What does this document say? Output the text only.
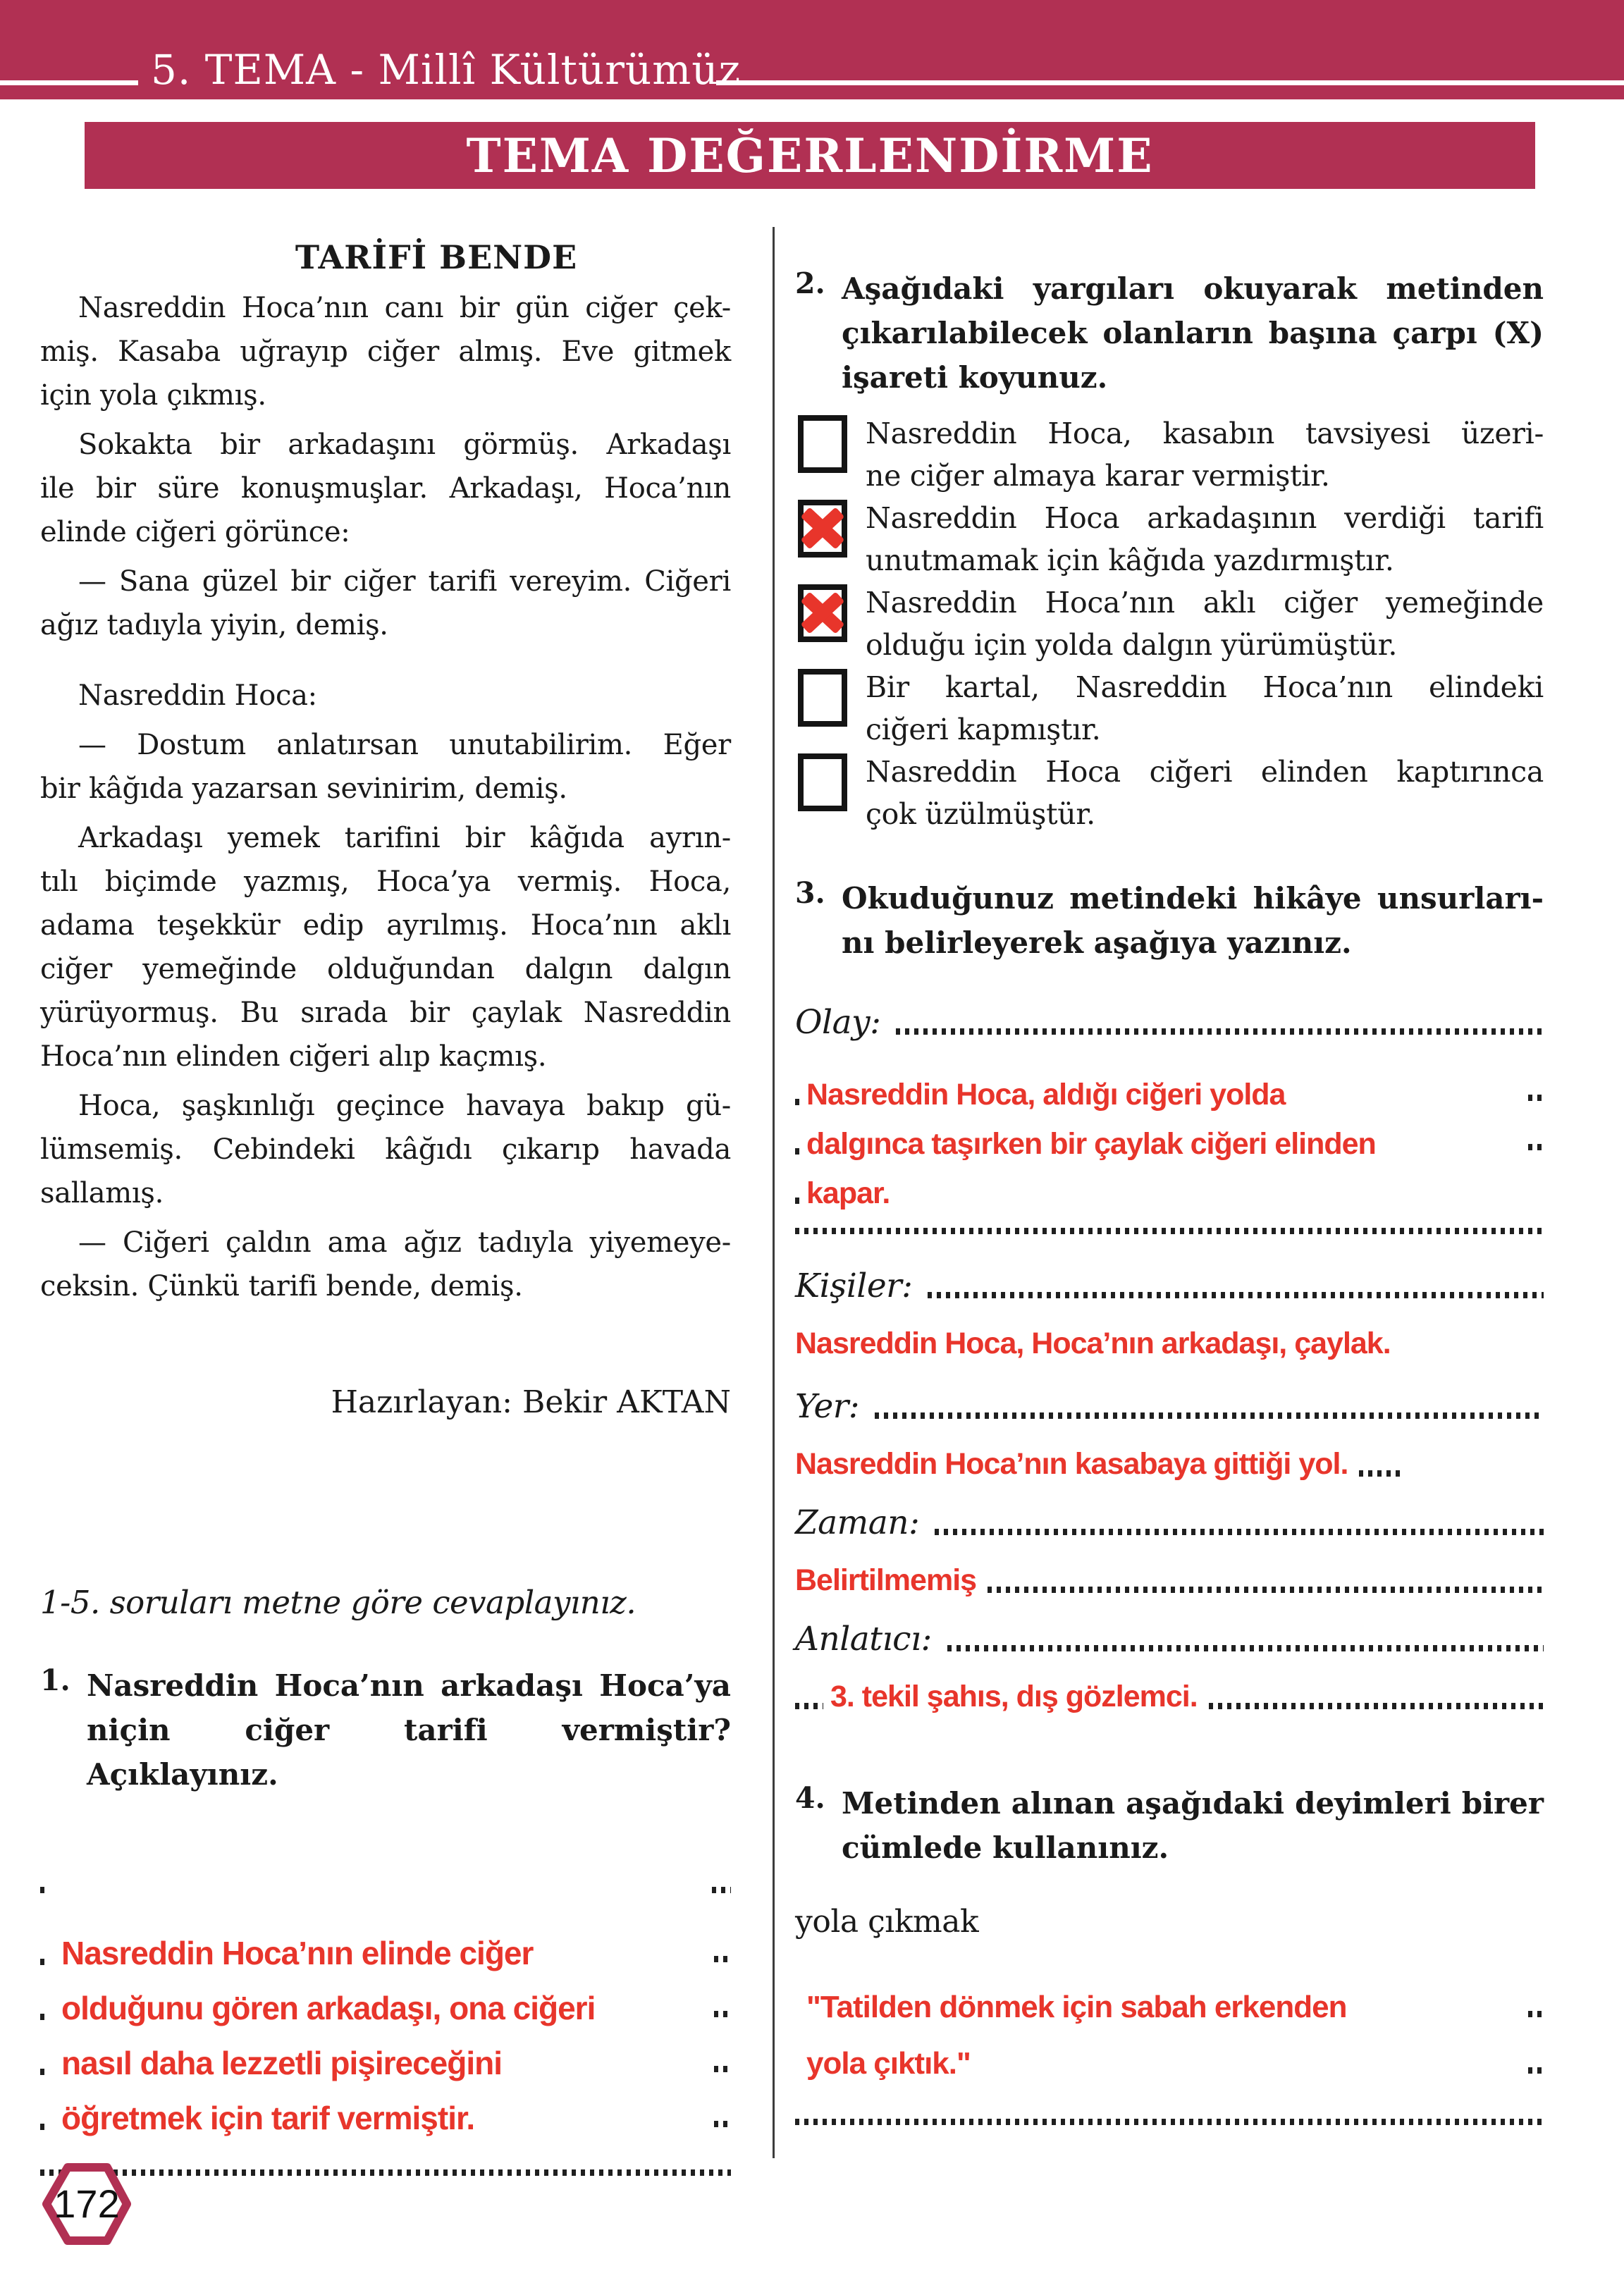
5. TEMA - Millî Kültürümüz
TEMA DEĞERLENDİRME
TARİFİ BENDE
Nasreddin Hoca’nın canı bir gün ciğer çek-
miş. Kasaba uğrayıp ciğer almış. Eve gitmek
için yola çıkmış.
Sokakta bir arkadaşını görmüş. Arkadaşı
ile bir süre konuşmuşlar. Arkadaşı, Hoca’nın
elinde ciğeri görünce:
— Sana güzel bir ciğer tarifi vereyim. Ciğeri
ağız tadıyla yiyin, demiş.
Nasreddin Hoca:
— Dostum anlatırsan unutabilirim. Eğer
bir kâğıda yazarsan sevinirim, demiş.
Arkadaşı yemek tarifini bir kâğıda ayrın-
tılı biçimde yazmış, Hoca’ya vermiş. Hoca,
adama teşekkür edip ayrılmış. Hoca’nın aklı
ciğer yemeğinde olduğundan dalgın dalgın
yürüyormuş. Bu sırada bir çaylak Nasreddin
Hoca’nın elinden ciğeri alıp kaçmış.
Hoca, şaşkınlığı geçince havaya bakıp gü-
lümsemiş. Cebindeki kâğıdı çıkarıp havada
sallamış.
— Ciğeri çaldın ama ağız tadıyla yiyemeye-
ceksin. Çünkü tarifi bende, demiş.
Hazırlayan: Bekir AKTAN
1-5. soruları metne göre cevaplayınız.
1. Nasreddin Hoca’nın arkadaşı Hoca’ya
niçin ciğer tarifi vermiştir? Açıklayınız.
Nasreddin Hoca’nın elinde ciğer
olduğunu gören arkadaşı, ona ciğeri
nasıl daha lezzetli pişireceğini
öğretmek için tarif vermiştir.
2. Aşağıdaki yargıları okuyarak metinden
çıkarılabilecek olanların başına çarpı (X)
işareti koyunuz.
Nasreddin Hoca, kasabın tavsiyesi üzeri-
ne ciğer almaya karar vermiştir.
Nasreddin Hoca arkadaşının verdiği tarifi
unutmamak için kâğıda yazdırmıştır.
Nasreddin Hoca’nın aklı ciğer yemeğinde
olduğu için yolda dalgın yürümüştür.
Bir kartal, Nasreddin Hoca’nın elindeki
ciğeri kapmıştır.
Nasreddin Hoca ciğeri elinden kaptırınca
çok üzülmüştür.
3. Okuduğunuz metindeki hikâye unsurları-
nı belirleyerek aşağıya yazınız.
Olay:
Nasreddin Hoca, aldığı ciğeri yolda
dalgınca taşırken bir çaylak ciğeri elinden
kapar.
Kişiler:
Nasreddin Hoca, Hoca’nın arkadaşı, çaylak.
Yer:
Nasreddin Hoca’nın kasabaya gittiği yol.
Zaman:
Belirtilmemiş
Anlatıcı:
3. tekil şahıs, dış gözlemci.
4. Metinden alınan aşağıdaki deyimleri birer
cümlede kullanınız.
yola çıkmak
"Tatilden dönmek için sabah erkenden
yola çıktık."
172
